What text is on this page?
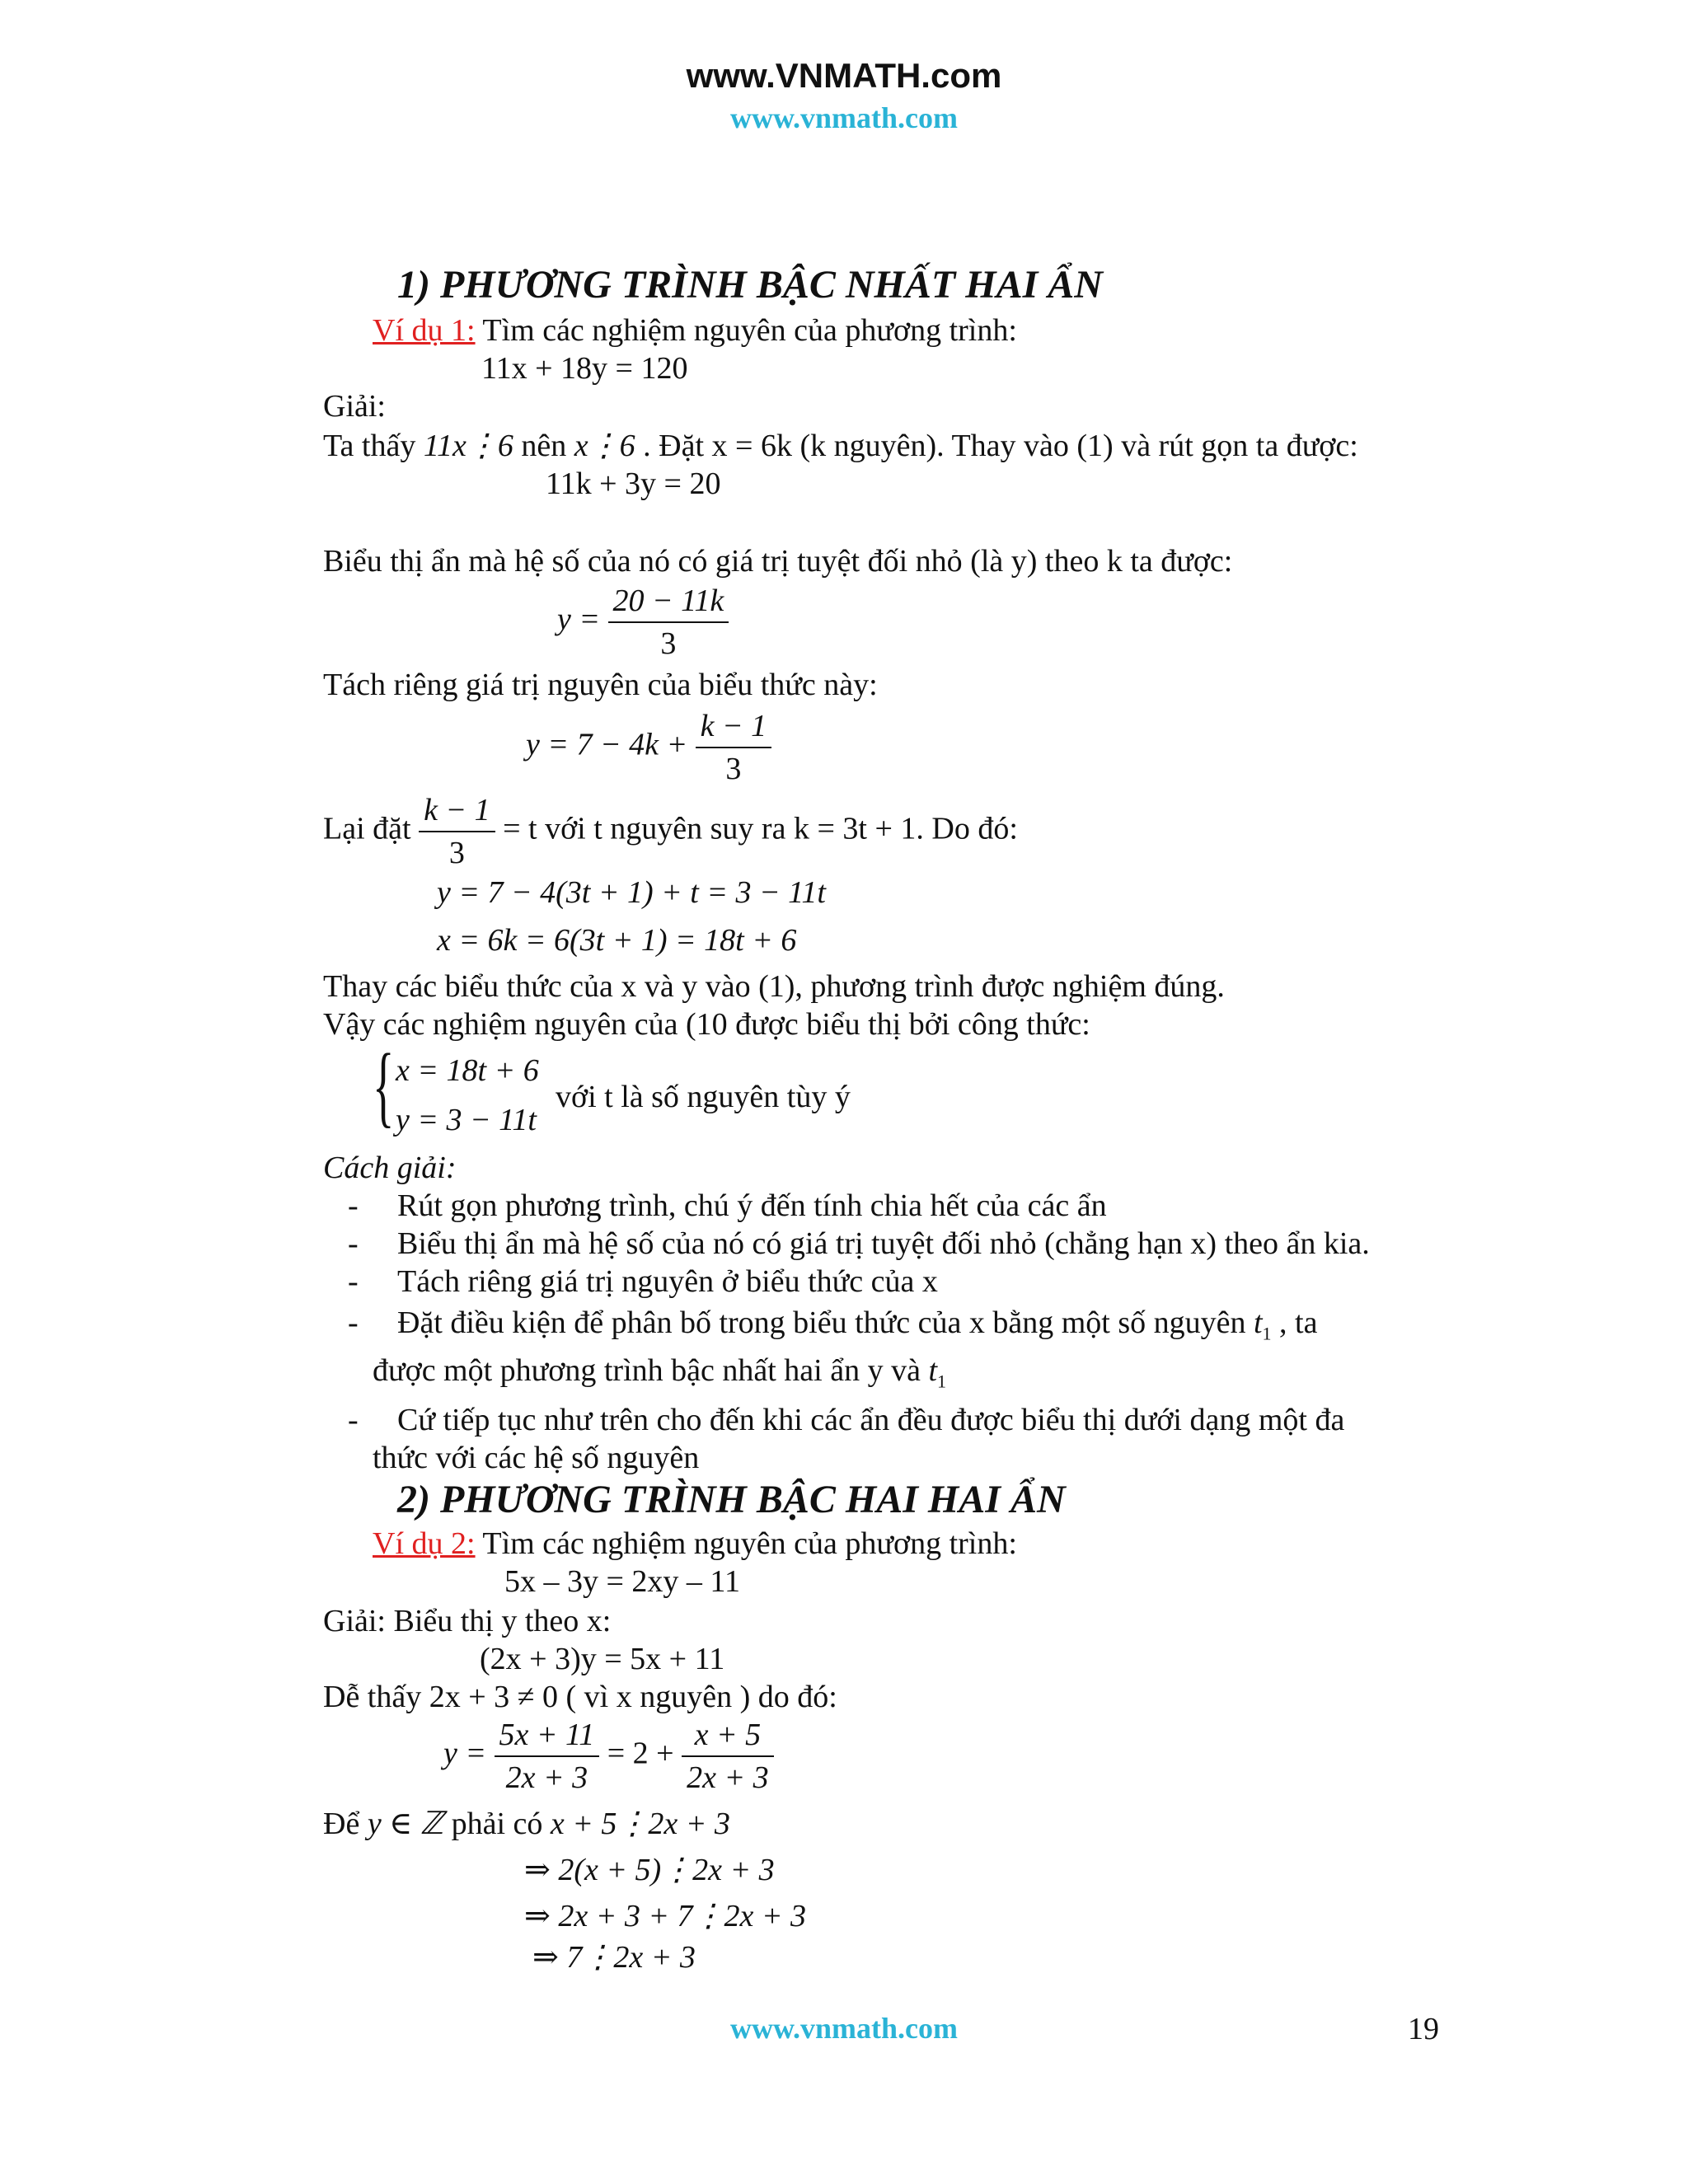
www.VNMATH.com
www.vnmath.com
1) PHƯƠNG TRÌNH BẬC NHẤT HAI ẨN
Ví dụ 1: Tìm các nghiệm nguyên của phương trình:
11x + 18y = 120
Giải:
Ta thấy 11x⋮6 nên x⋮6 . Đặt x = 6k (k nguyên). Thay vào (1) và rút gọn ta được:
11k + 3y = 20
Biểu thị ẩn mà hệ số của nó có giá trị tuyệt đối nhỏ (là y) theo k ta được:
$y = \frac{20 - 11k}{3}$
Tách riêng giá trị nguyên của biểu thức này:
$y = 7 - 4k + \frac{k - 1}{3}$
Lại đặt $\frac{k - 1}{3} = t$ với t nguyên suy ra k = 3t + 1. Do đó:
y = 7 − 4(3t + 1) + t = 3 − 11t
x = 6k = 6(3t + 1) = 18t + 6
Thay các biểu thức của x và y vào (1), phương trình được nghiệm đúng.
Vậy các nghiệm nguyên của (10 được biểu thị bởi công thức:
{ x = 18t + 6
y = 3 − 11t
với t là số nguyên tùy ý
Cách giải:
- Rút gọn phương trình, chú ý đến tính chia hết của các ẩn
- Biểu thị ẩn mà hệ số của nó có giá trị tuyệt đối nhỏ (chẳng hạn x) theo ẩn kia.
- Tách riêng giá trị nguyên ở biểu thức của x
- Đặt điều kiện để phân bố trong biểu thức của x bằng một số nguyên $t_1$ , ta
được một phương trình bậc nhất hai ẩn y và $t_1$
- Cứ tiếp tục như trên cho đến khi các ẩn đều được biểu thị dưới dạng một đa
thức với các hệ số nguyên
2) PHƯƠNG TRÌNH BẬC HAI HAI ẨN
Ví dụ 2: Tìm các nghiệm nguyên của phương trình:
5x – 3y = 2xy – 11
Giải: Biểu thị y theo x:
(2x + 3)y = 5x + 11
Dễ thấy 2x + 3 ≠ 0 ( vì x nguyên ) do đó:
$y = \frac{5x + 11}{2x + 3} = 2 + \frac{x + 5}{2x + 3}$
Để y ∈ ℤ phải có x + 5⋮2x + 3
⇒ 2(x + 5)⋮2x + 3
⇒ 2x + 3 + 7⋮2x + 3
⇒ 7⋮2x + 3
www.vnmath.com	19
